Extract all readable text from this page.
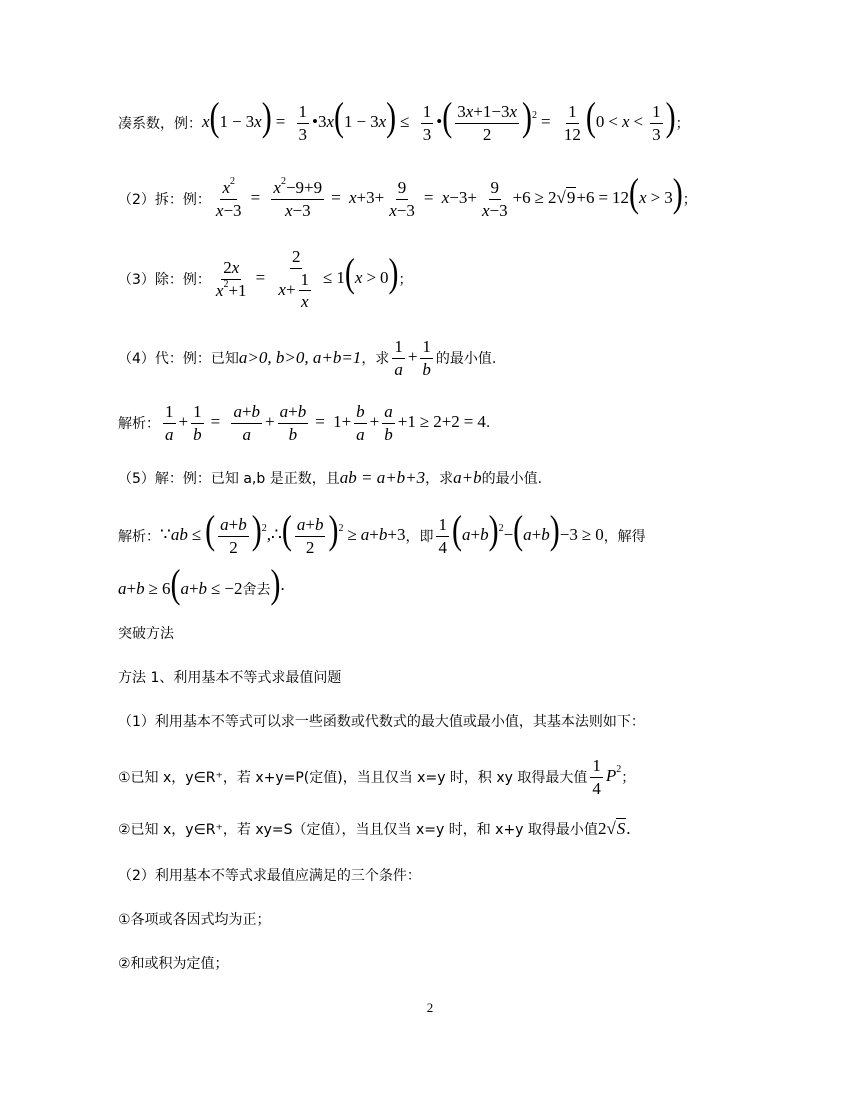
凑系数，例： $x(1 - 3x) = \frac{1}{3}$ •3x(1 − $3x) \le \frac{1}{3}$ •( $\frac{3x+1-3x}{2} )^2 = \frac{1}{12} (0 < x < \frac{1}{3}$ ) ；
（2）拆：例： $\frac{x^2}{x-3} = \frac{x^2-9+9}{x-3} = x+3+ \frac{9}{x-3} = x-3+ \frac{9}{x-3} +6 \ge 2√$ 9 +6 = 12(x > 3) ；
（3）除：例： $\frac{2x}{x^2+1} = \frac{2}{x+ \frac{1}{x}} \le 1(x > 0)$ ；
（4）代：例：已知 a>0, b>0, a+b=1 ，求 $\frac{1}{a} + \frac{1}{b}$ 的最小值.
解析： $\frac{1}{a} + \frac{1}{b} = \frac{a+b}{a} + \frac{a+b}{b} = 1+ \frac{b}{a} + \frac{a}{b} +1 \ge 2+2 = 4$ .
（5）解：例：已知 a,b 是正数，且 ab = a+b+3 ，求 a+b 的最小值.
解析： ∵ab ≤ ( $\frac{a+b}{2}$ )$^2$,∴( $\frac{a+b}{2} )^2 \ge a+b+3$ ，即 $\frac{1}{4} (a+b)^2-(a+b)-3 \ge 0$ ，解得
a+b ≥ 6(a+b ≤ −2舍去) .
突破方法
方法 1、利用基本不等式求最值问题
（1）利用基本不等式可以求一些函数或代数式的最大值或最小值，其基本法则如下：
①已知 x，y∈R⁺，若 x+y=P(定值)，当且仅当 x=y 时，积 xy 取得最大值 $\frac{1}{4} P^2$
；
②已知 x，y∈R⁺，若 xy=S（定值），当且仅当 x=y 时，和 x+y 取得最小值 2√ S .
（2）利用基本不等式求最值应满足的三个条件：
①各项或各因式均为正；
②和或积为定值；
2
